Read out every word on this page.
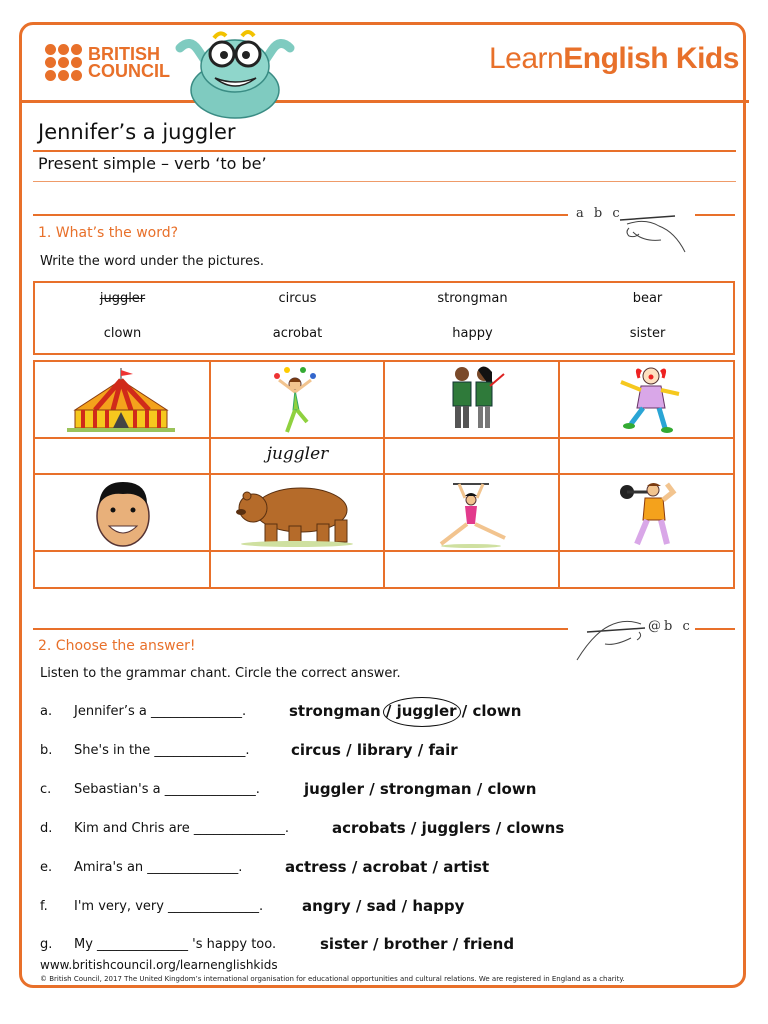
BRITISH
COUNCIL	LearnEnglish Kids
Jennifer’s a juggler
Present simple – verb ‘to be’
a b c
1. What’s the word?
Write the word under the pictures.
juggler	circus	strongman	bear
clown	acrobat	happy	sister
juggler
@b c
2. Choose the answer!
Listen to the grammar chant. Circle the correct answer.
a. Jennifer’s a ______________.	strongman / juggler / clown
b. She's in the ______________.	circus / library / fair
c. Sebastian's a ______________.	juggler / strongman / clown
d. Kim and Chris are ______________.	acrobats / jugglers / clowns
e. Amira's an ______________.	actress / acrobat / artist
f. I'm very, very ______________.	angry / sad / happy
g. My ______________ 's happy too.	sister / brother / friend
www.britishcouncil.org/learnenglishkids
© British Council, 2017 The United Kingdom’s international organisation for educational opportunities and cultural relations. We are registered in England as a charity.
